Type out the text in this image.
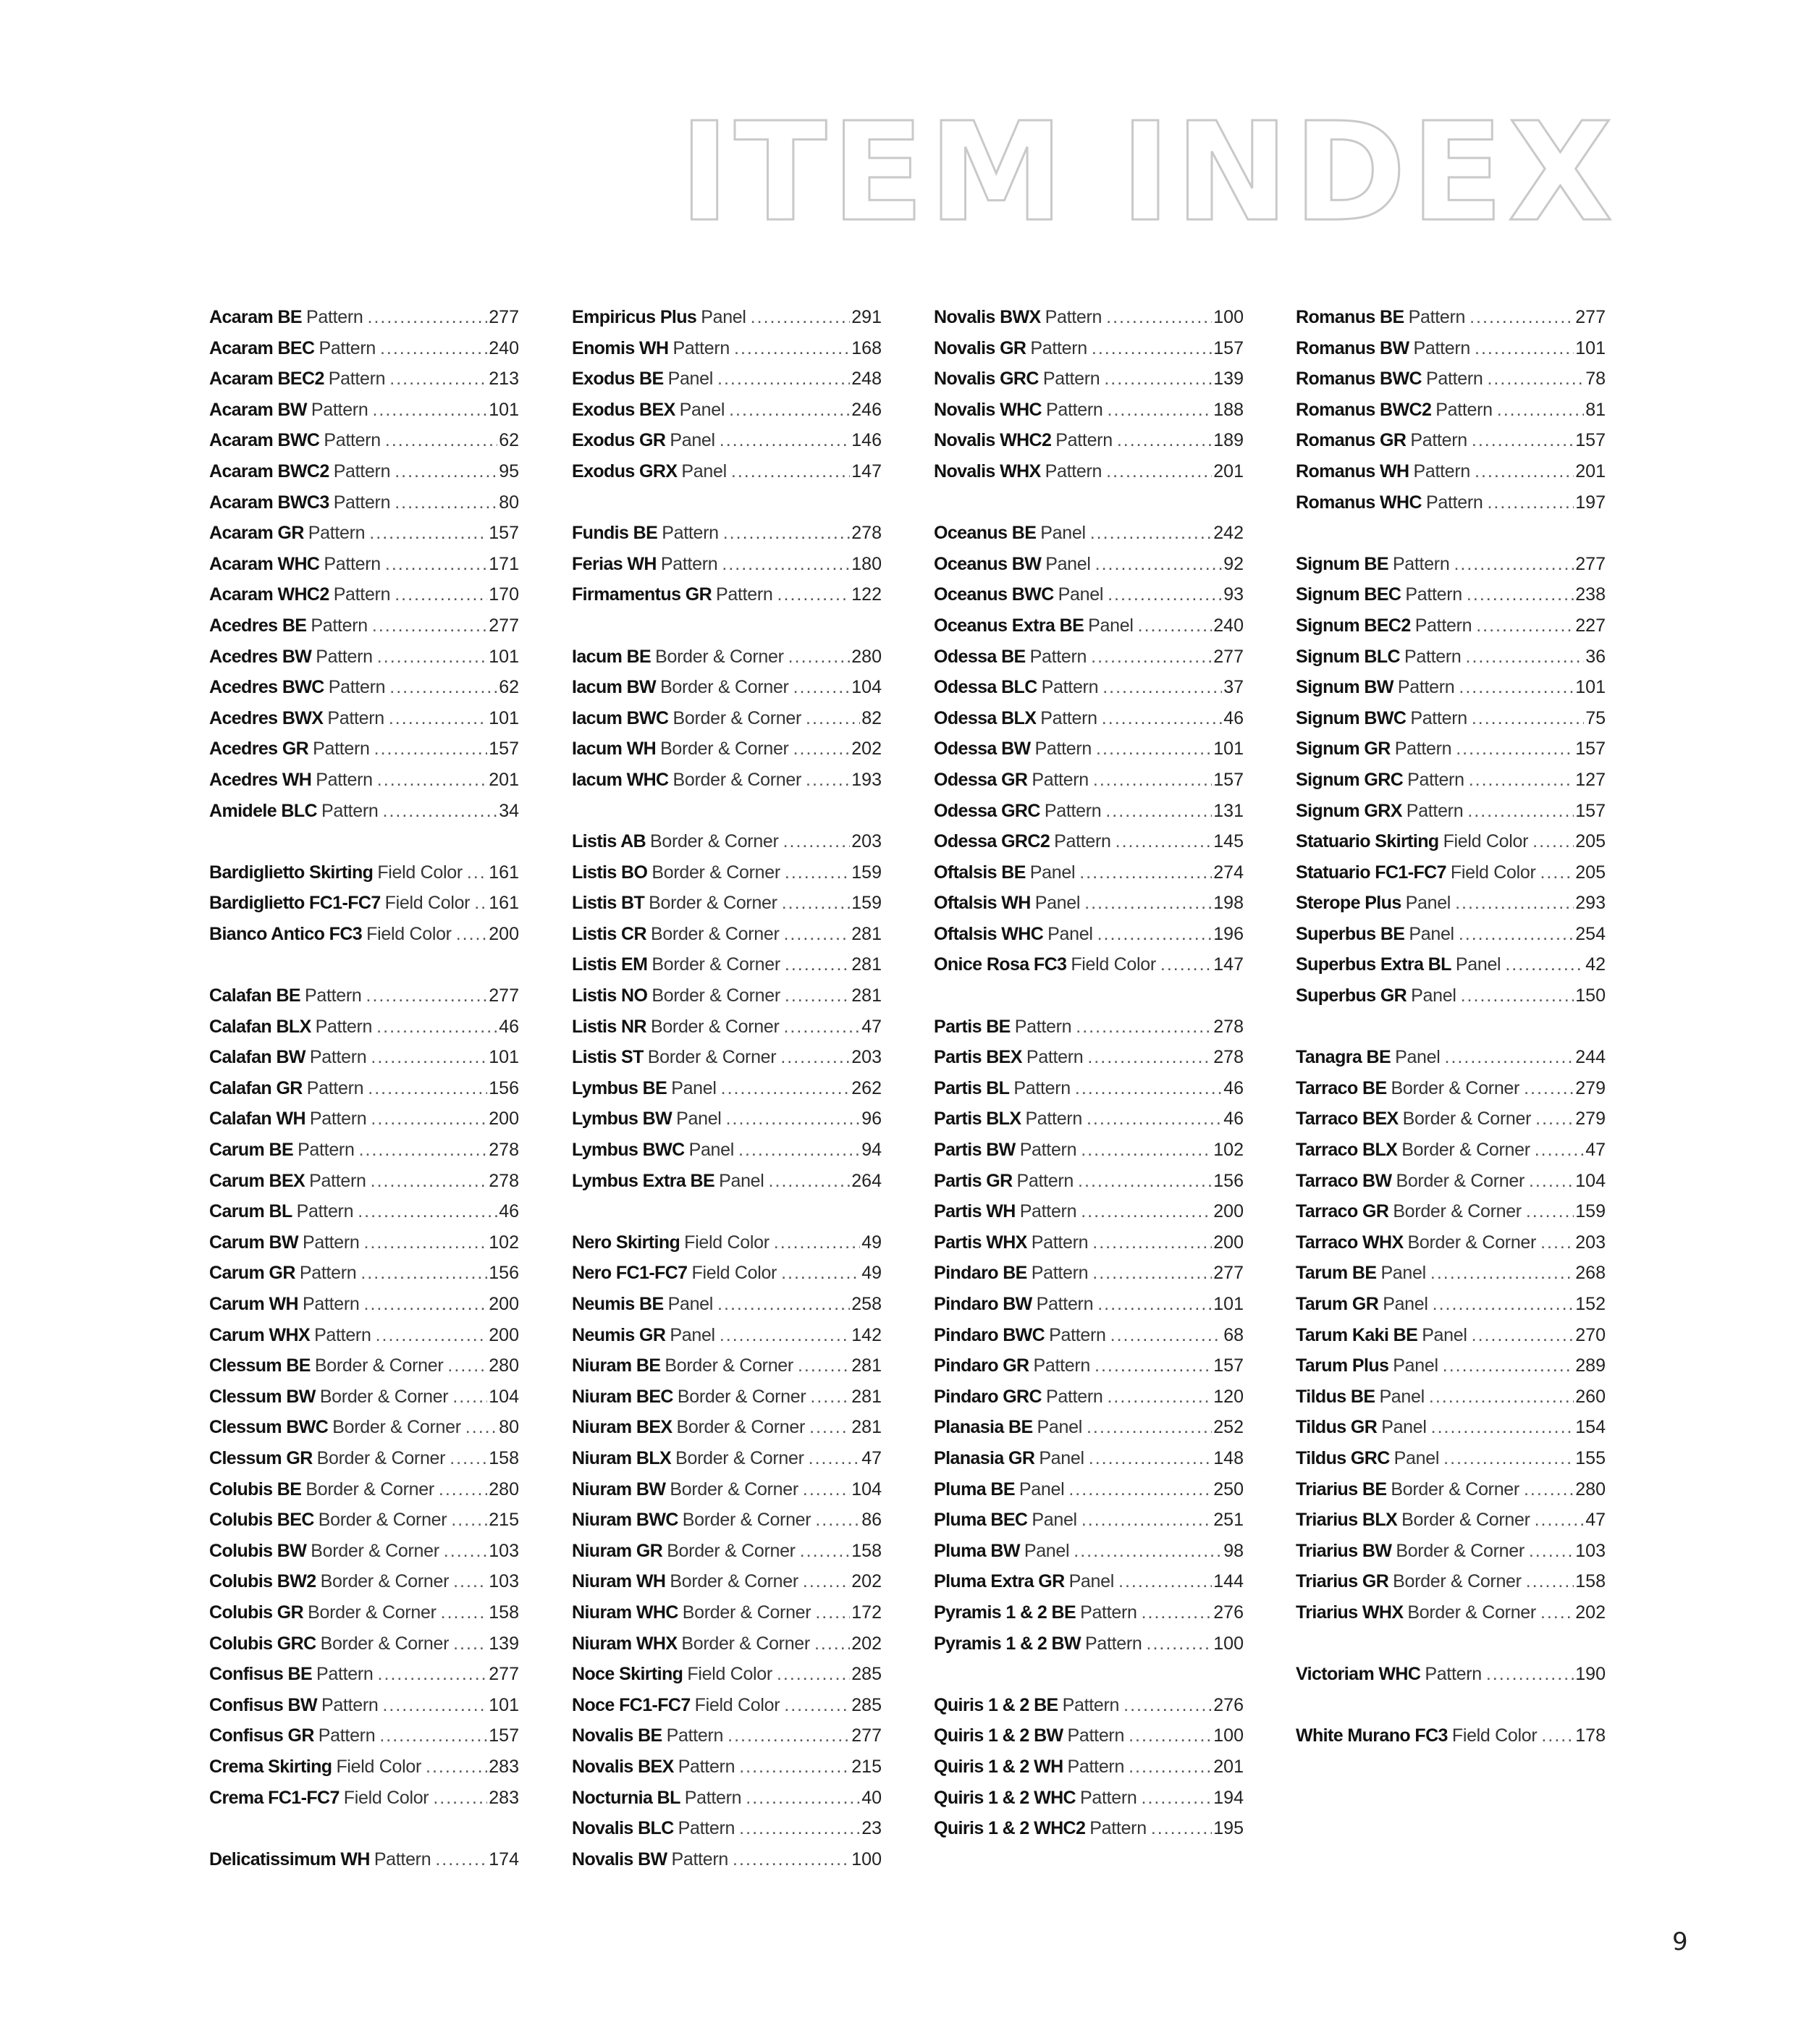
ITEM INDEX
Acaram BE Pattern .....	277
Acaram BEC Pattern .....	240
Acaram BEC2 Pattern .....	213
Acaram BW Pattern .....	101
Acaram BWC Pattern .....	62
Acaram BWC2 Pattern .....	95
Acaram BWC3 Pattern .....	80
Acaram GR Pattern .....	157
Acaram WHC Pattern .....	171
Acaram WHC2 Pattern .....	170
Acedres BE Pattern .....	277
Acedres BW Pattern .....	101
Acedres BWC Pattern .....	62
Acedres BWX Pattern .....	101
Acedres GR Pattern .....	157
Acedres WH Pattern .....	201
Amidele BLC Pattern .....	34
Bardiglietto Skirting Field Color ..... 161
Bardiglietto FC1-FC7 Field Color ..... 161
Bianco Antico FC3 Field Color ..... 200
Calafan BE Pattern .....	277
Calafan BLX Pattern .....	46
Calafan BW Pattern .....	101
Calafan GR Pattern .....	156
Calafan WH Pattern .....	200
Carum BE Pattern .....	278
Carum BEX Pattern .....	278
Carum BL Pattern .....	46
Carum BW Pattern .....	102
Carum GR Pattern .....	156
Carum WH Pattern .....	200
Carum WHX Pattern .....	200
Clessum BE Border & Corner .....	280
Clessum BW Border & Corner ..... 104
Clessum BWC Border & Corner ..... 80
Clessum GR Border & Corner ..... 158
Colubis BE Border & Corner .....	280
Colubis BEC Border & Corner ..... 215
Colubis BW Border & Corner .....	103
Colubis BW2 Border & Corner ..... 103
Colubis GR Border & Corner .....	158
Colubis GRC Border & Corner ..... 139
Confisus BE Pattern .....	277
Confisus BW Pattern .....	101
Confisus GR Pattern .....	157
Crema Skirting Field Color .....	283
Crema FC1-FC7 Field Color .....	283
Delicatissimum WH Pattern .....	174
Empiricus Plus Panel .....	291
Enomis WH Pattern .....	168
Exodus BE Panel .....	248
Exodus BEX Panel .....	246
Exodus GR Panel .....	146
Exodus GRX Panel .....	147
Fundis BE Pattern .....	278
Ferias WH Pattern .....	180
Firmamentus GR Pattern .....	122
Iacum BE Border & Corner .....	280
Iacum BW Border & Corner .....	104
Iacum BWC Border & Corner .....	82
Iacum WH Border & Corner .....	202
Iacum WHC Border & Corner .....	193
Listis AB Border & Corner .....	203
Listis BO Border & Corner .....	159
Listis BT Border & Corner .....	159
Listis CR Border & Corner .....	281
Listis EM Border & Corner .....	281
Listis NO Border & Corner .....	281
Listis NR Border & Corner .....	47
Listis ST Border & Corner .....	203
Lymbus BE Panel .....	262
Lymbus BW Panel .....	96
Lymbus BWC Panel .....	94
Lymbus Extra BE Panel .....	264
Nero Skirting Field Color .....	49
Nero FC1-FC7 Field Color .....	49
Neumis BE Panel .....	258
Neumis GR Panel .....	142
Niuram BE Border & Corner .....	281
Niuram BEC Border & Corner .....	281
Niuram BEX Border & Corner .....	281
Niuram BLX Border & Corner .....	47
Niuram BW Border & Corner .....	104
Niuram BWC Border & Corner .....	86
Niuram GR Border & Corner .....	158
Niuram WH Border & Corner .....	202
Niuram WHC Border & Corner ..... 172
Niuram WHX Border & Corner ..... 202
Noce Skirting Field Color .....	285
Noce FC1-FC7 Field Color .....	285
Novalis BE Pattern .....	277
Novalis BEX Pattern .....	215
Nocturnia BL Pattern .....	40
Novalis BLC Pattern .....	23
Novalis BW Pattern .....	100
Novalis BWX Pattern .....	100
Novalis GR Pattern .....	157
Novalis GRC Pattern .....	139
Novalis WHC Pattern .....	188
Novalis WHC2 Pattern .....	189
Novalis WHX Pattern .....	201
Oceanus BE Panel .....	242
Oceanus BW Panel .....	92
Oceanus BWC Panel .....	93
Oceanus Extra BE Panel .....	240
Odessa BE Pattern .....	277
Odessa BLC Pattern .....	37
Odessa BLX Pattern .....	46
Odessa BW Pattern .....	101
Odessa GR Pattern .....	157
Odessa GRC Pattern .....	131
Odessa GRC2 Pattern .....	145
Oftalsis BE Panel .....	274
Oftalsis WH Panel .....	198
Oftalsis WHC Panel .....	196
Onice Rosa FC3 Field Color .....	147
Partis BE Pattern .....	278
Partis BEX Pattern .....	278
Partis BL Pattern .....	46
Partis BLX Pattern .....	46
Partis BW Pattern .....	102
Partis GR Pattern .....	156
Partis WH Pattern .....	200
Partis WHX Pattern .....	200
Pindaro BE Pattern .....	277
Pindaro BW Pattern .....	101
Pindaro BWC Pattern .....	68
Pindaro GR Pattern .....	157
Pindaro GRC Pattern .....	120
Planasia BE Panel .....	252
Planasia GR Panel .....	148
Pluma BE Panel .....	250
Pluma BEC Panel .....	251
Pluma BW Panel .....	98
Pluma Extra GR Panel .....	144
Pyramis 1 & 2 BE Pattern .....	276
Pyramis 1 & 2 BW Pattern .....	100
Quiris 1 & 2 BE Pattern .....	276
Quiris 1 & 2 BW Pattern .....	100
Quiris 1 & 2 WH Pattern .....	201
Quiris 1 & 2 WHC Pattern .....	194
Quiris 1 & 2 WHC2 Pattern .....	195
Romanus BE Pattern .....	277
Romanus BW Pattern .....	101
Romanus BWC Pattern .....	78
Romanus BWC2 Pattern .....	81
Romanus GR Pattern .....	157
Romanus WH Pattern .....	201
Romanus WHC Pattern .....	197
Signum BE Pattern .....	277
Signum BEC Pattern .....	238
Signum BEC2 Pattern .....	227
Signum BLC Pattern .....	36
Signum BW Pattern .....	101
Signum BWC Pattern .....	75
Signum GR Pattern .....	157
Signum GRC Pattern .....	127
Signum GRX Pattern .....	157
Statuario Skirting Field Color .....	205
Statuario FC1-FC7 Field Color ..... 205
Sterope Plus Panel .....	293
Superbus BE Panel .....	254
Superbus Extra BL Panel .....	42
Superbus GR Panel .....	150
Tanagra BE Panel .....	244
Tarraco BE Border & Corner .....	279
Tarraco BEX Border & Corner ..... 279
Tarraco BLX Border & Corner .....	47
Tarraco BW Border & Corner .....	104
Tarraco GR Border & Corner .....	159
Tarraco WHX Border & Corner ..... 203
Tarum BE Panel .....	268
Tarum GR Panel .....	152
Tarum Kaki BE Panel .....	270
Tarum Plus Panel .....	289
Tildus BE Panel .....	260
Tildus GR Panel .....	154
Tildus GRC Panel .....	155
Triarius BE Border & Corner .....	280
Triarius BLX Border & Corner .....	47
Triarius BW Border & Corner .....	103
Triarius GR Border & Corner .....	158
Triarius WHX Border & Corner ..... 202
Victoriam WHC Pattern .....	190
White Murano FC3 Field Color ..... 178
9
